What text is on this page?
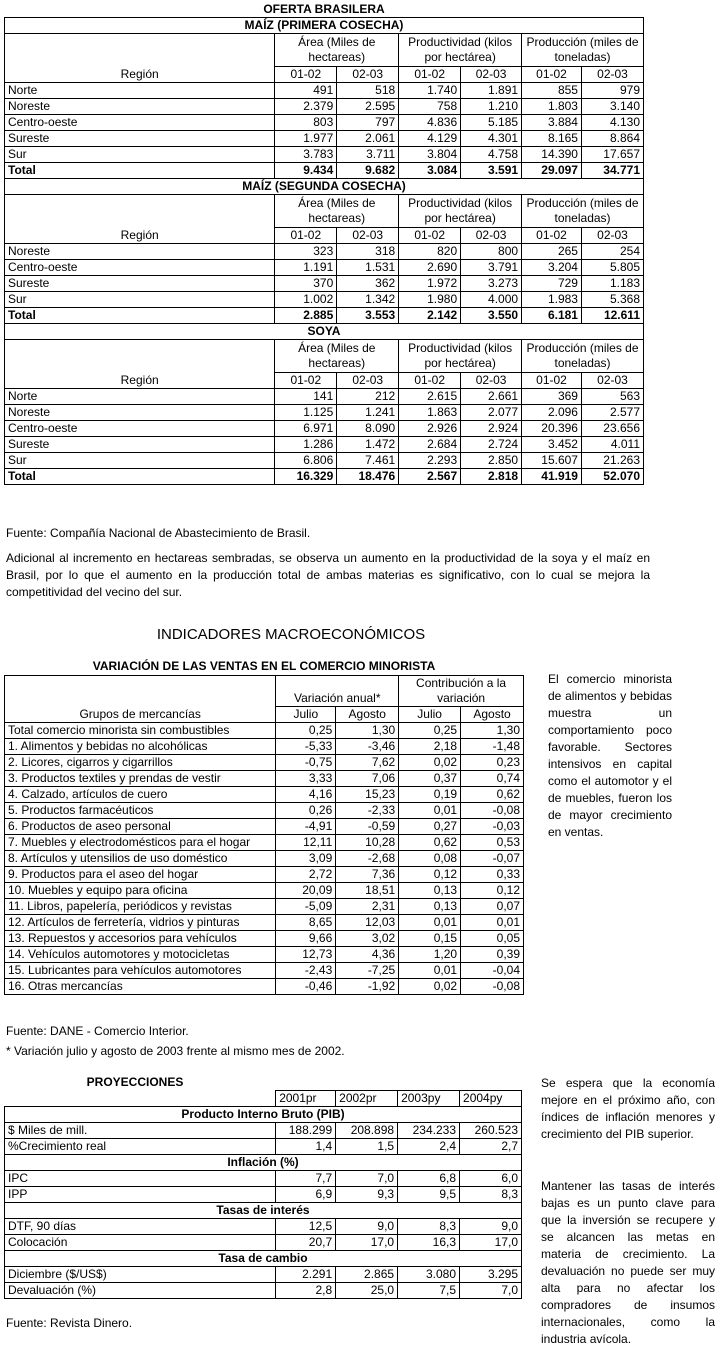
OFERTA BRASILERA						
MAÍZ (PRIMERA COSECHA)						
Región	Área (Miles de hectareas)		Productividad (kilos por hectárea)		Producción (miles de toneladas)	
	01-02	02-03	01-02	02-03	01-02	02-03
Norte	491	518	1.740	1.891	855	979
Noreste	2.379	2.595	758	1.210	1.803	3.140
Centro-oeste	803	797	4.836	5.185	3.884	4.130
Sureste	1.977	2.061	4.129	4.301	8.165	8.864
Sur	3.783	3.711	3.804	4.758	14.390	17.657
Total	9.434	9.682	3.084	3.591	29.097	34.771
MAÍZ (SEGUNDA COSECHA)						
Región	Área (Miles de hectareas)		Productividad (kilos por hectárea)		Producción (miles de toneladas)	
	01-02	02-03	01-02	02-03	01-02	02-03
Noreste	323	318	820	800	265	254
Centro-oeste	1.191	1.531	2.690	3.791	3.204	5.805
Sureste	370	362	1.972	3.273	729	1.183
Sur	1.002	1.342	1.980	4.000	1.983	5.368
Total	2.885	3.553	2.142	3.550	6.181	12.611
SOYA						
Región	Área (Miles de hectareas)		Productividad (kilos por hectárea)		Producción (miles de toneladas)	
	01-02	02-03	01-02	02-03	01-02	02-03
Norte	141	212	2.615	2.661	369	563
Noreste	1.125	1.241	1.863	2.077	2.096	2.577
Centro-oeste	6.971	8.090	2.926	2.924	20.396	23.656
Sureste	1.286	1.472	2.684	2.724	3.452	4.011
Sur	6.806	7.461	2.293	2.850	15.607	21.263
Total	16.329	18.476	2.567	2.818	41.919	52.070
Fuente: Compañía Nacional de Abastecimiento de Brasil.
Adicional al incremento en hectareas sembradas, se observa un aumento en la productividad de la soya y el maíz en Brasil, por lo que el aumento en la producción total de ambas materias es significativo, con lo cual se mejora la competitividad del vecino del sur.
INDICADORES MACROECONÓMICOS
VARIACIÓN DE LAS VENTAS EN EL COMERCIO MINORISTA
Grupos de mercancías	Variación anual*		Contribución a la variación	
	Julio	Agosto	Julio	Agosto
Total comercio minorista sin combustibles	0,25	1,30	0,25	1,30
1. Alimentos y bebidas no alcohólicas	-5,33	-3,46	2,18	-1,48
2. Licores, cigarros y cigarrillos	-0,75	7,62	0,02	0,23
3. Productos textiles y prendas de vestir	3,33	7,06	0,37	0,74
4. Calzado, artículos de cuero	4,16	15,23	0,19	0,62
5. Productos farmacéuticos	0,26	-2,33	0,01	-0,08
6. Productos de aseo personal	-4,91	-0,59	0,27	-0,03
7. Muebles y electrodomésticos para el hogar	12,11	10,28	0,62	0,53
8. Artículos y utensilios de uso doméstico	3,09	-2,68	0,08	-0,07
9. Productos para el aseo del hogar	2,72	7,36	0,12	0,33
10. Muebles y equipo para oficina	20,09	18,51	0,13	0,12
11. Libros, papelería, periódicos y revistas	-5,09	2,31	0,13	0,07
12. Artículos de ferretería, vidrios y pinturas	8,65	12,03	0,01	0,01
13. Repuestos y accesorios para vehículos	9,66	3,02	0,15	0,05
14. Vehículos automotores y motocicletas	12,73	4,36	1,20	0,39
15. Lubricantes para vehículos automotores	-2,43	-7,25	0,01	-0,04
16. Otras mercancías	-0,46	-1,92	0,02	-0,08
El comercio minorista de alimentos y bebidas muestra un comportamiento poco favorable. Sectores intensivos en capital como el automotor y el de muebles, fueron los de mayor crecimiento en ventas.
Fuente: DANE - Comercio Interior.
* Variación julio y agosto de 2003 frente al mismo mes de 2002.
PROYECCIONES
	2001pr	2002pr	2003py	2004py
Producto Interno Bruto (PIB)				
$ Miles de mill.	188.299	208.898	234.233	260.523
%Crecimiento real	1,4	1,5	2,4	2,7
Inflación (%)				
IPC	7,7	7,0	6,8	6,0
IPP	6,9	9,3	9,5	8,3
Tasas de interés				
DTF, 90 días	12,5	9,0	8,3	9,0
Colocación	20,7	17,0	16,3	17,0
Tasa de cambio				
Diciembre ($/US$)	2.291	2.865	3.080	3.295
Devaluación (%)	2,8	25,0	7,5	7,0
Se espera que la economía mejore en el próximo año, con índices de inflación menores y crecimiento del PIB superior.
Mantener las tasas de interés bajas es un punto clave para que la inversión se recupere y se alcancen las metas en materia de crecimiento. La devaluación no puede ser muy alta para no afectar los compradores de insumos internacionales, como la industria avícola.
Fuente: Revista Dinero.
